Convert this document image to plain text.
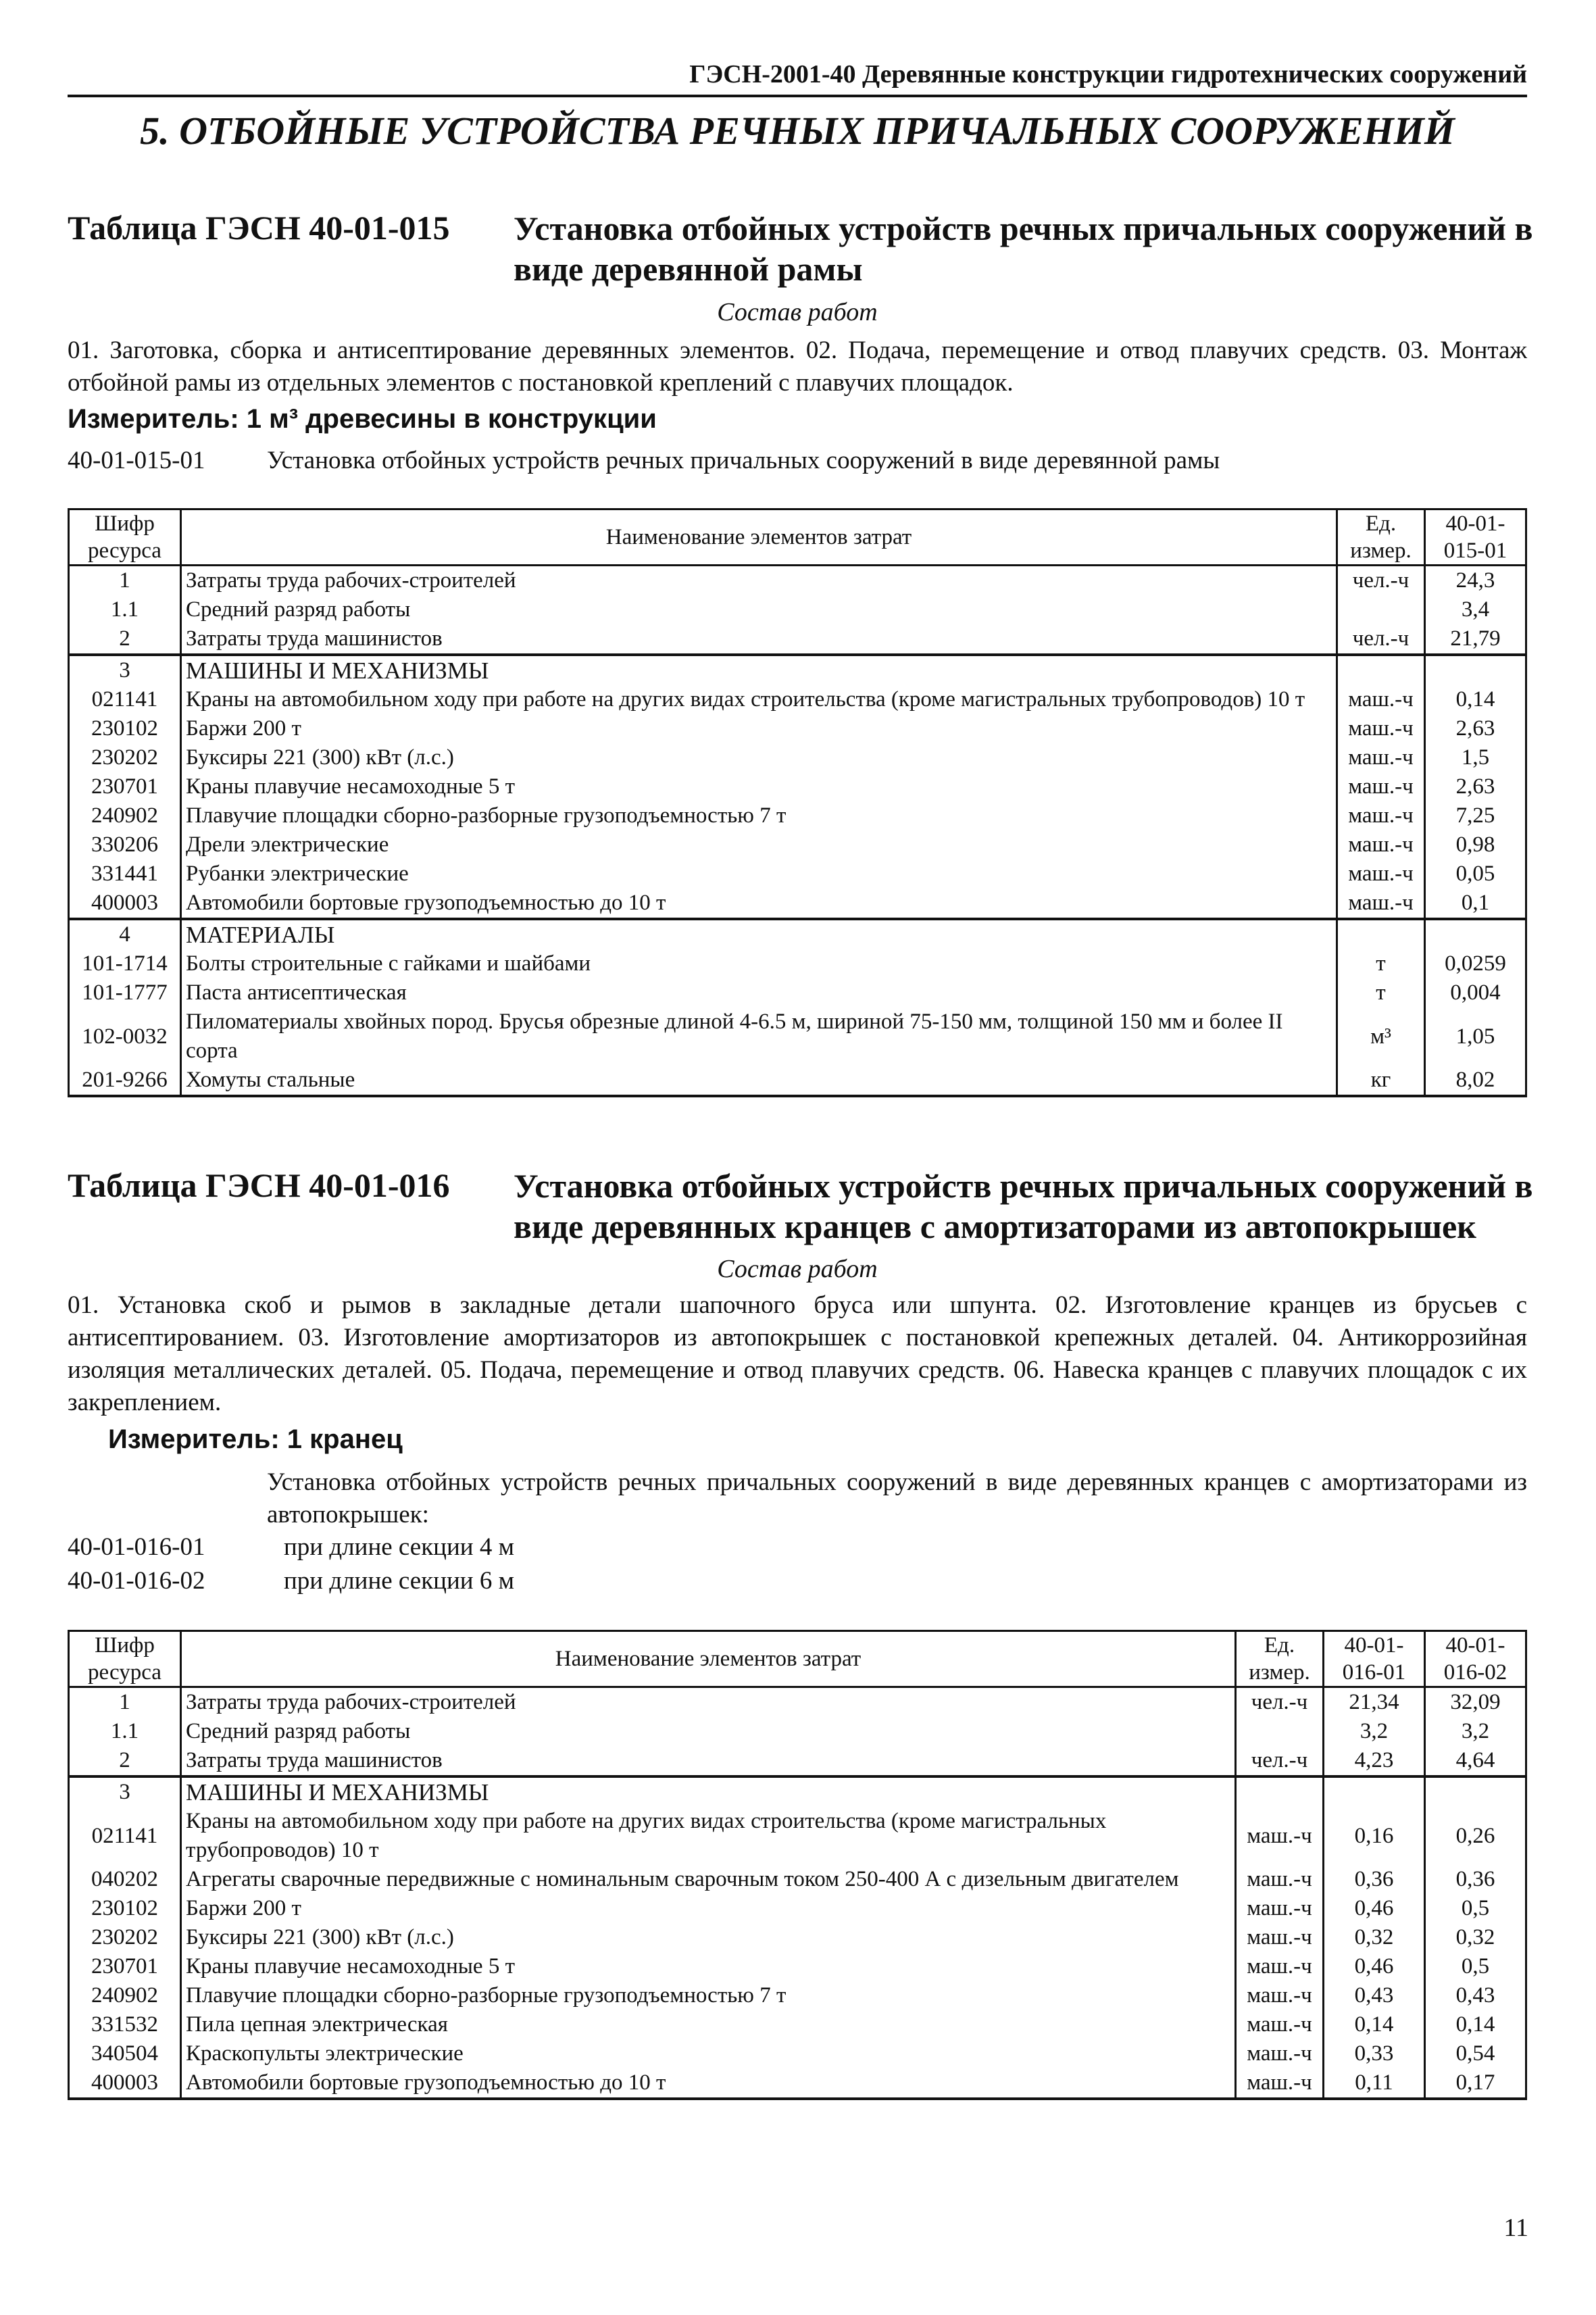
ГЭСН-2001-40 Деревянные конструкции гидротехнических сооружений
5. ОТБОЙНЫЕ УСТРОЙСТВА РЕЧНЫХ ПРИЧАЛЬНЫХ СООРУЖЕНИЙ
Таблица ГЭСН 40-01-015 Установка отбойных устройств речных причальных сооружений в виде деревянной рамы
Состав работ
01. Заготовка, сборка и антисептирование деревянных элементов. 02. Подача, перемещение и отвод плавучих средств. 03. Монтаж отбойной рамы из отдельных элементов с постановкой креплений с плавучих площадок.
Измеритель: 1 м³ древесины в конструкции
40-01-015-01 Установка отбойных устройств речных причальных сооружений в виде деревянной рамы
Шифр ресурса	Наименование элементов затрат	Ед. измер.	40-01-015-01
1	Затраты труда рабочих-строителей	чел.-ч	24,3
1.1	Средний разряд работы		3,4
2	Затраты труда машинистов	чел.-ч	21,79
3	МАШИНЫ И МЕХАНИЗМЫ		
021141	Краны на автомобильном ходу при работе на других видах строительства (кроме магистральных трубопроводов) 10 т	маш.-ч	0,14
230102	Баржи 200 т	маш.-ч	2,63
230202	Буксиры 221 (300) кВт (л.с.)	маш.-ч	1,5
230701	Краны плавучие несамоходные 5 т	маш.-ч	2,63
240902	Плавучие площадки сборно-разборные грузоподъемностью 7 т	маш.-ч	7,25
330206	Дрели электрические	маш.-ч	0,98
331441	Рубанки электрические	маш.-ч	0,05
400003	Автомобили бортовые грузоподъемностью до 10 т	маш.-ч	0,1
4	МАТЕРИАЛЫ		
101-1714	Болты строительные с гайками и шайбами	т	0,0259
101-1777	Паста антисептическая	т	0,004
102-0032	Пиломатериалы хвойных пород. Брусья обрезные длиной 4-6.5 м, шириной 75-150 мм, толщиной 150 мм и более II сорта	м³	1,05
201-9266	Хомуты стальные	кг	8,02
Таблица ГЭСН 40-01-016 Установка отбойных устройств речных причальных сооружений в виде деревянных кранцев с амортизаторами из автопокрышек
Состав работ
01. Установка скоб и рымов в закладные детали шапочного бруса или шпунта. 02. Изготовление кранцев из брусьев с антисептированием. 03. Изготовление амортизаторов из автопокрышек с постановкой крепежных деталей. 04. Антикоррозийная изоляция металлических деталей. 05. Подача, перемещение и отвод плавучих средств. 06. Навеска кранцев с плавучих площадок с их закреплением.
Измеритель: 1 кранец
Установка отбойных устройств речных причальных сооружений в виде деревянных кранцев с амортизаторами из автопокрышек:
40-01-016-01	при длине секции 4 м
40-01-016-02	при длине секции 6 м
Шифр ресурса	Наименование элементов затрат	Ед. измер.	40-01-016-01	40-01-016-02
1	Затраты труда рабочих-строителей	чел.-ч	21,34	32,09
1.1	Средний разряд работы		3,2	3,2
2	Затраты труда машинистов	чел.-ч	4,23	4,64
3	МАШИНЫ И МЕХАНИЗМЫ			
021141	Краны на автомобильном ходу при работе на других видах строительства (кроме магистральных трубопроводов) 10 т	маш.-ч	0,16	0,26
040202	Агрегаты сварочные передвижные с номинальным сварочным током 250-400 А с дизельным двигателем	маш.-ч	0,36	0,36
230102	Баржи 200 т	маш.-ч	0,46	0,5
230202	Буксиры 221 (300) кВт (л.с.)	маш.-ч	0,32	0,32
230701	Краны плавучие несамоходные 5 т	маш.-ч	0,46	0,5
240902	Плавучие площадки сборно-разборные грузоподъемностью 7 т	маш.-ч	0,43	0,43
331532	Пила цепная электрическая	маш.-ч	0,14	0,14
340504	Краскопульты электрические	маш.-ч	0,33	0,54
400003	Автомобили бортовые грузоподъемностью до 10 т	маш.-ч	0,11	0,17
11
